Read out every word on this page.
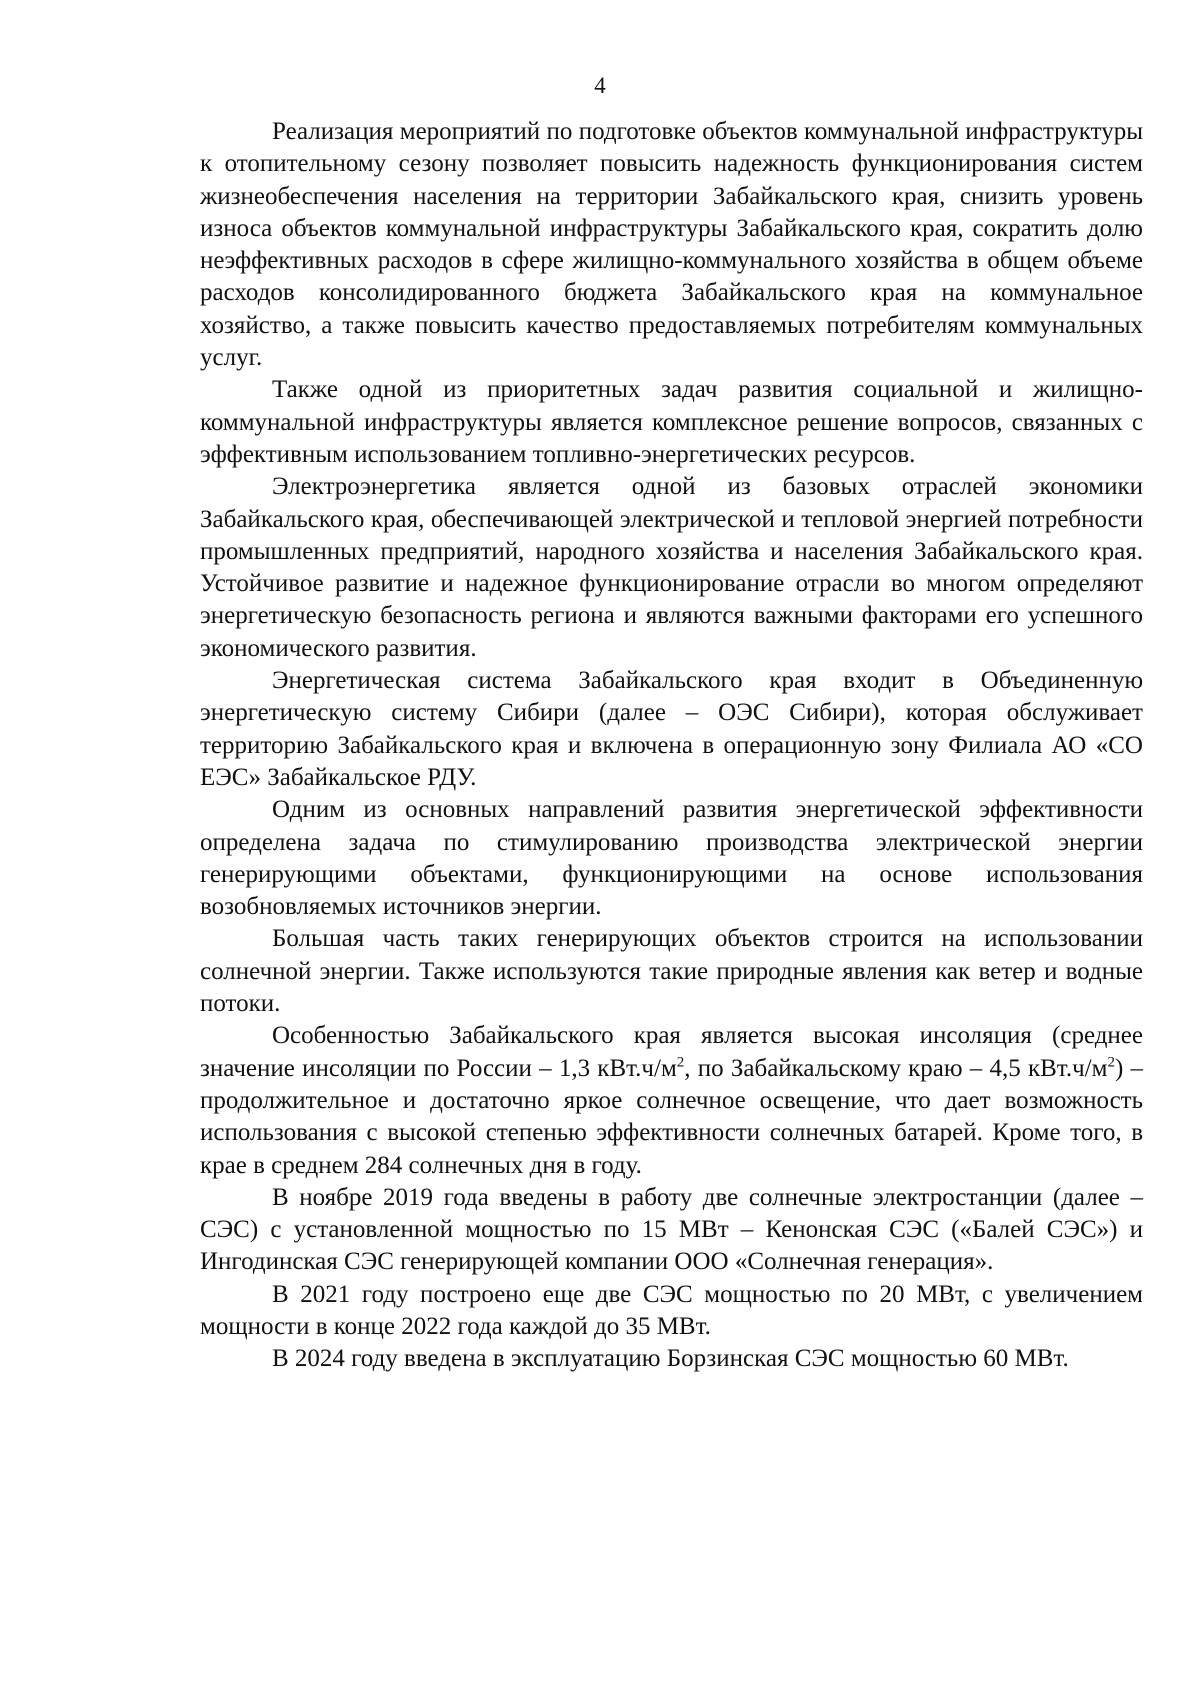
4

Реализация мероприятий по подготовке объектов коммунальной инфраструктуры к отопительному сезону позволяет повысить надежность функционирования систем жизнеобеспечения населения на территории Забайкальского края, снизить уровень износа объектов коммунальной инфраструктуры Забайкальского края, сократить долю неэффективных расходов в сфере жилищно-коммунального хозяйства в общем объеме расходов консолидированного бюджета Забайкальского края на коммунальное хозяйство, а также повысить качество предоставляемых потребителям коммунальных услуг.

Также одной из приоритетных задач развития социальной и жилищно-коммунальной инфраструктуры является комплексное решение вопросов, связанных с эффективным использованием топливно-энергетических ресурсов.

Электроэнергетика является одной из базовых отраслей экономики Забайкальского края, обеспечивающей электрической и тепловой энергией потребности промышленных предприятий, народного хозяйства и населения Забайкальского края. Устойчивое развитие и надежное функционирование отрасли во многом определяют энергетическую безопасность региона и являются важными факторами его успешного экономического развития.

Энергетическая система Забайкальского края входит в Объединенную энергетическую систему Сибири (далее – ОЭС Сибири), которая обслуживает территорию Забайкальского края и включена в операционную зону Филиала АО «СО ЕЭС» Забайкальское РДУ.

Одним из основных направлений развития энергетической эффективности определена задача по стимулированию производства электрической энергии генерирующими объектами, функционирующими на основе использования возобновляемых источников энергии.

Большая часть таких генерирующих объектов строится на использовании солнечной энергии. Также используются такие природные явления как ветер и водные потоки.

Особенностью Забайкальского края является высокая инсоляция (среднее значение инсоляции по России – 1,3 $кВт.ч/м^2$, по Забайкальскому краю – 4,5 $кВт.ч/м^2$) – продолжительное и достаточно яркое солнечное освещение, что дает возможность использования с высокой степенью эффективности солнечных батарей. Кроме того, в крае в среднем 284 солнечных дня в году.

В ноябре 2019 года введены в работу две солнечные электростанции (далее – СЭС) с установленной мощностью по 15 МВт – Кенонская СЭС («Балей СЭС») и Ингодинская СЭС генерирующей компании ООО «Солнечная генерация».

В 2021 году построено еще две СЭС мощностью по 20 МВт, с увеличением мощности в конце 2022 года каждой до 35 МВт.

В 2024 году введена в эксплуатацию Борзинская СЭС мощностью 60 МВт.
